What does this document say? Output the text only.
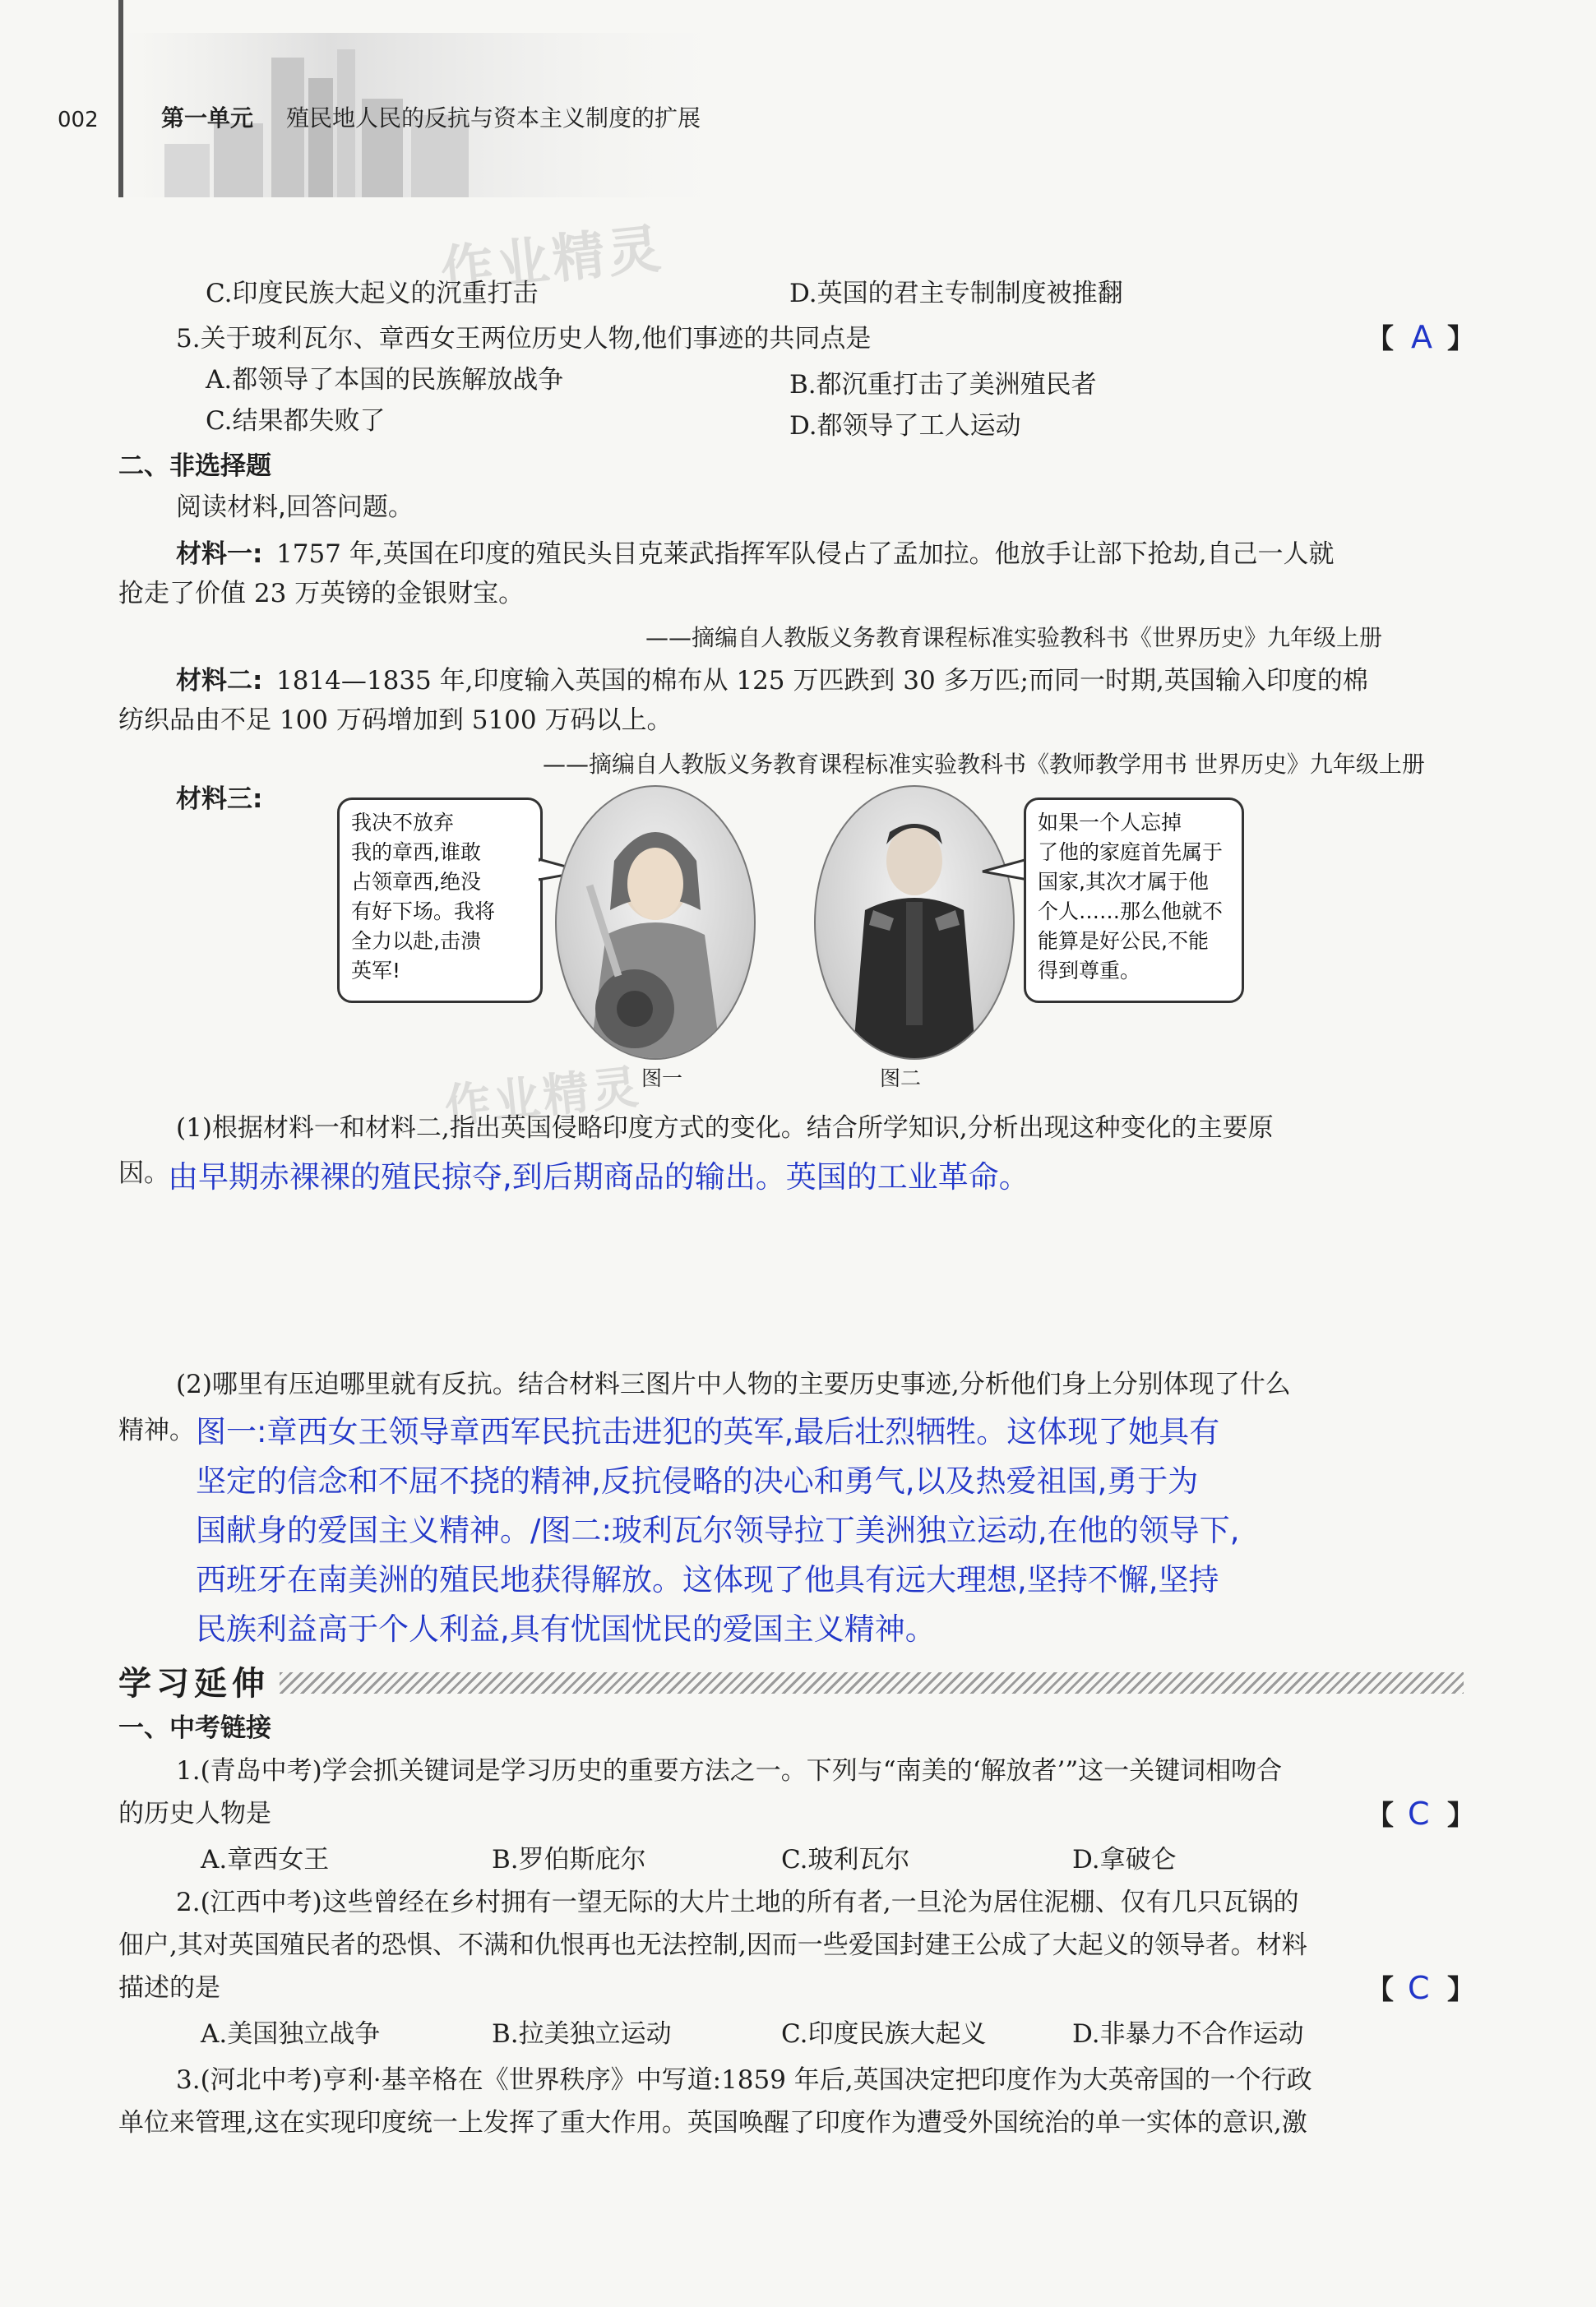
002	第一单元 殖民地人民的反抗与资本主义制度的扩展
作业精灵
作业精灵
C.印度民族大起义的沉重打击	D.英国的君主专制制度被推翻
5.关于玻利瓦尔、章西女王两位历史人物,他们事迹的共同点是	【 A 】
A.都领导了本国的民族解放战争	B.都沉重打击了美洲殖民者
C.结果都失败了	D.都领导了工人运动
二、非选择题
阅读材料,回答问题。
材料一: 1757 年,英国在印度的殖民头目克莱武指挥军队侵占了孟加拉。他放手让部下抢劫,自己一人就
抢走了价值 23 万英镑的金银财宝。
——摘编自人教版义务教育课程标准实验教科书《世界历史》九年级上册
材料二: 1814—1835 年,印度输入英国的棉布从 125 万匹跌到 30 多万匹;而同一时期,英国输入印度的棉
纺织品由不足 100 万码增加到 5100 万码以上。
——摘编自人教版义务教育课程标准实验教科书《教师教学用书 世界历史》九年级上册
材料三:
我决不放弃
我的章西,谁敢
占领章西,绝没
有好下场。我将
全力以赴,击溃
英军!
图一
如果一个人忘掉
了他的家庭首先属于
国家,其次才属于他
个人……那么他就不
能算是好公民,不能
得到尊重。
图二
(1)根据材料一和材料二,指出英国侵略印度方式的变化。结合所学知识,分析出现这种变化的主要原
因。
由早期赤裸裸的殖民掠夺,到后期商品的输出。英国的工业革命。
(2)哪里有压迫哪里就有反抗。结合材料三图片中人物的主要历史事迹,分析他们身上分别体现了什么
精神。 图一:章西女王领导章西军民抗击进犯的英军,最后壮烈牺牲。这体现了她具有
坚定的信念和不屈不挠的精神,反抗侵略的决心和勇气,以及热爱祖国,勇于为
国献身的爱国主义精神。/图二:玻利瓦尔领导拉丁美洲独立运动,在他的领导下,
西班牙在南美洲的殖民地获得解放。这体现了他具有远大理想,坚持不懈,坚持
民族利益高于个人利益,具有忧国忧民的爱国主义精神。
学习延伸
一、中考链接
1.(青岛中考)学会抓关键词是学习历史的重要方法之一。下列与“南美的‘解放者’”这一关键词相吻合
的历史人物是	【 C 】
A.章西女王	B.罗伯斯庇尔	C.玻利瓦尔	D.拿破仑
2.(江西中考)这些曾经在乡村拥有一望无际的大片土地的所有者,一旦沦为居住泥棚、仅有几只瓦锅的
佃户,其对英国殖民者的恐惧、不满和仇恨再也无法控制,因而一些爱国封建王公成了大起义的领导者。材料
描述的是	【 C 】
A.美国独立战争	B.拉美独立运动	C.印度民族大起义	D.非暴力不合作运动
3.(河北中考)亨利·基辛格在《世界秩序》中写道:1859 年后,英国决定把印度作为大英帝国的一个行政
单位来管理,这在实现印度统一上发挥了重大作用。英国唤醒了印度作为遭受外国统治的单一实体的意识,激
